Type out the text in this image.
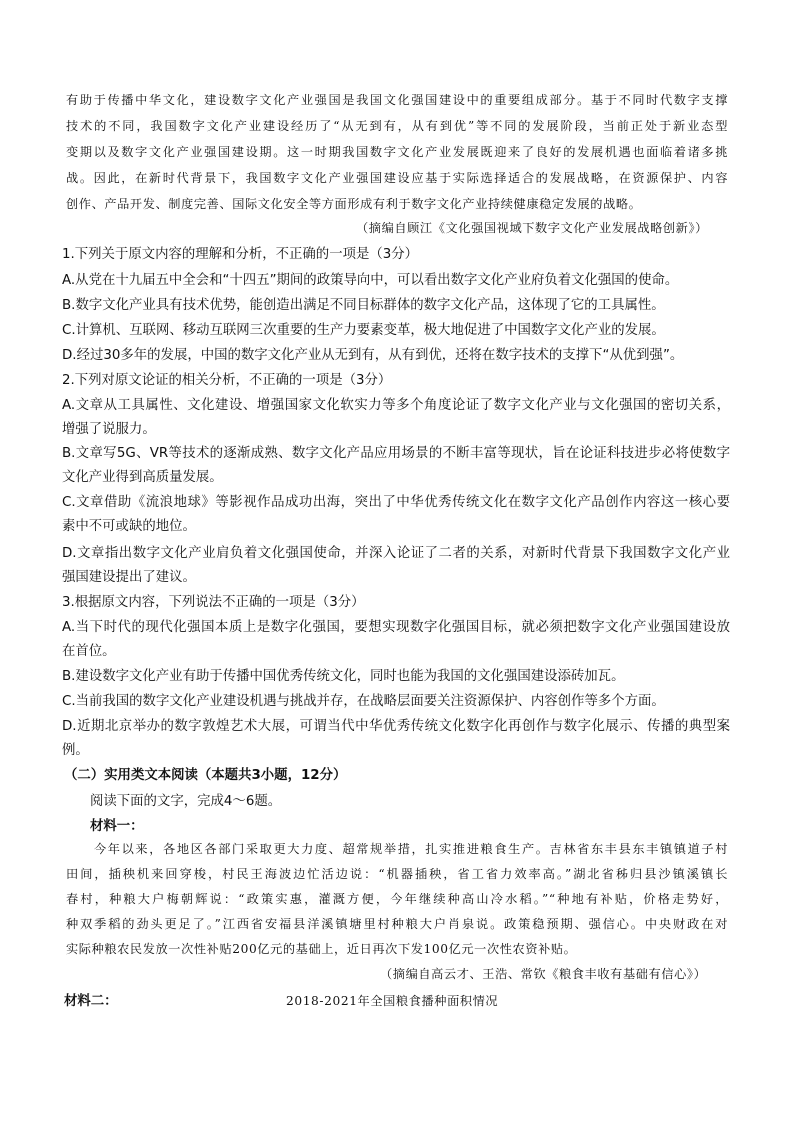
有助于传播中华文化，建设数字文化产业强国是我国文化强国建设中的重要组成部分。基于不同时代数字支撑
技术的不同，我国数字文化产业建设经历了“从无到有，从有到优”等不同的发展阶段，当前正处于新业态型
变期以及数字文化产业强国建设期。这一时期我国数字文化产业发展既迎来了良好的发展机遇也面临着诸多挑
战。因此，在新时代背景下，我国数字文化产业强国建设应基于实际选择适合的发展战略，在资源保护、内容
创作、产品开发、制度完善、国际文化安全等方面形成有利于数字文化产业持续健康稳定发展的战略。
（摘编自顾江《文化强国视域下数字文化产业发展战略创新》）
1.下列关于原文内容的理解和分析，不正确的一项是（3分）
A.从党在十九届五中全会和“十四五”期间的政策导向中，可以看出数字文化产业府负着文化强国的使命。
B.数字文化产业具有技术优势，能创造出满足不同目标群体的数字文化产品，这体现了它的工具属性。
C.计算机、互联网、移动互联网三次重要的生产力要素变革，极大地促进了中国数字文化产业的发展。
D.经过30多年的发展，中国的数字文化产业从无到有，从有到优，还将在数字技术的支撑下“从优到强”。
2.下列对原文论证的相关分析，不正确的一项是（3分）
A.文章从工具属性、文化建设、增强国家文化软实力等多个角度论证了数字文化产业与文化强国的密切关系，
增强了说服力。
B.文章写5G、VR等技术的逐渐成熟、数字文化产品应用场景的不断丰富等现状，旨在论证科技进步必将使数字
文化产业得到高质量发展。
C.文章借助《流浪地球》等影视作品成功出海，突出了中华优秀传统文化在数字文化产品创作内容这一核心要
素中不可或缺的地位。
D.文章指出数字文化产业肩负着文化强国使命，并深入论证了二者的关系，对新时代背景下我国数字文化产业
强国建设提出了建议。
3.根据原文内容，下列说法不正确的一项是（3分）
A.当下时代的现代化强国本质上是数字化强国，要想实现数字化强国目标，就必须把数字文化产业强国建设放
在首位。
B.建设数字文化产业有助于传播中国优秀传统文化，同时也能为我国的文化强国建设添砖加瓦。
C.当前我国的数字文化产业建设机遇与挑战并存，在战略层面要关注资源保护、内容创作等多个方面。
D.近期北京举办的数字敦煌艺术大展，可谓当代中华优秀传统文化数字化再创作与数字化展示、传播的典型案
例。
（二）实用类文本阅读（本题共3小题，12分）
阅读下面的文字，完成4～6题。
材料一：
今年以来，各地区各部门采取更大力度、超常规举措，扎实推进粮食生产。吉林省东丰县东丰镇镇道子村
田间，插秧机来回穿梭，村民王海波边忙活边说：“机器插秧，省工省力效率高。”湖北省秭归县沙镇溪镇长
春村，种粮大户梅朝辉说：“政策实惠，灌溉方便，今年继续种高山冷水稻。”“种地有补贴，价格走势好，
种双季稻的劲头更足了。”江西省安福县洋溪镇塘里村种粮大户肖泉说。政策稳预期、强信心。中央财政在对
实际种粮农民发放一次性补贴200亿元的基础上，近日再次下发100亿元一次性农资补贴。
（摘编自高云才、王浩、常钦《粮食丰收有基础有信心》）
材料二：	2018-2021年全国粮食播种面积情况
